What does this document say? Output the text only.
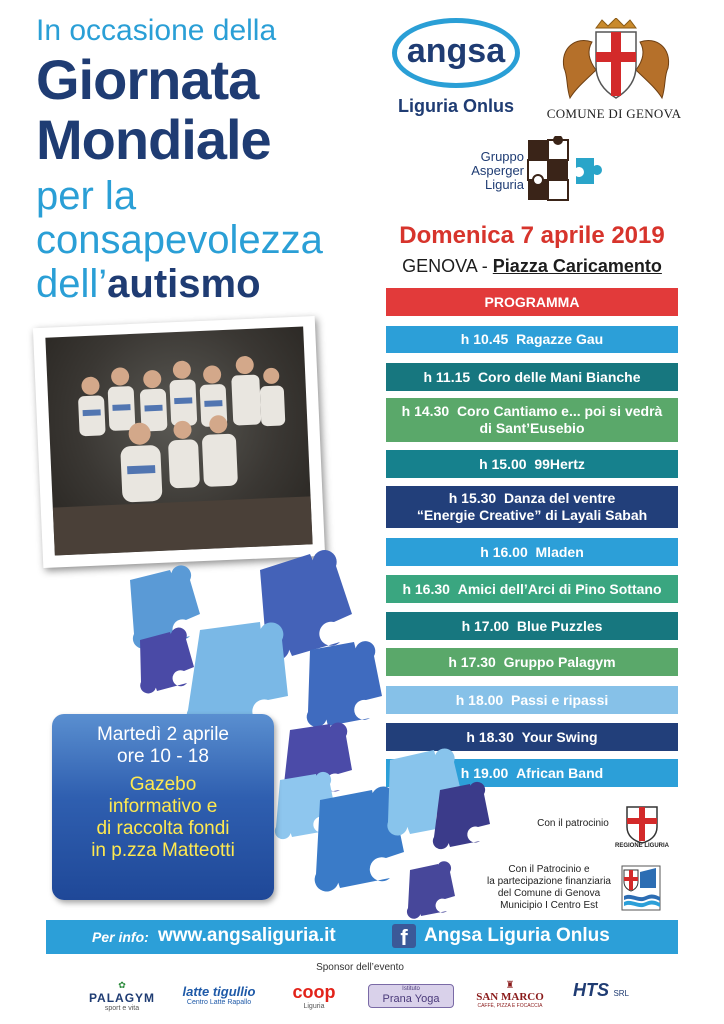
In occasione della
Giornata
Mondiale
per la
consapevolezza
dell’autismo
angsa
Liguria Onlus	COMUNE DI GENOVA
Gruppo
Asperger
Liguria
Domenica 7 aprile 2019
GENOVA - Piazza Caricamento
PROGRAMMA
h 10.45 Ragazze Gau
h 11.15 Coro delle Mani Bianche
h 14.30 Coro Cantiamo e... poi si vedrà
di Sant’Eusebio
h 15.00 99Hertz
h 15.30 Danza del ventre
“Energie Creative” di Layali Sabah
h 16.00 Mladen
h 16.30 Amici dell’Arci di Pino Sottano
h 17.00 Blue Puzzles
h 17.30 Gruppo Palagym
h 18.00 Passi e ripassi
h 18.30 Your Swing
h 19.00 African Band
Martedì 2 aprile
ore 10 - 18
Gazebo
informativo e
di raccolta fondi
in p.zza Matteotti
Con il patrocinio
REGIONE LIGURIA
Con il Patrocinio e
la partecipazione finanziaria
del Comune di Genova
Municipio I Centro Est
Per info: www.angsaliguria.it	f Angsa Liguria Onlus
Sponsor dell’evento
✿
PALAGYM
sport e vita
latte tigullio
Centro Latte Rapallo
coop
Liguria
Istituto
Prana Yoga
♜
SAN MARCO
CAFFÈ, PIZZA E FOCACCIA
HTS SRL
